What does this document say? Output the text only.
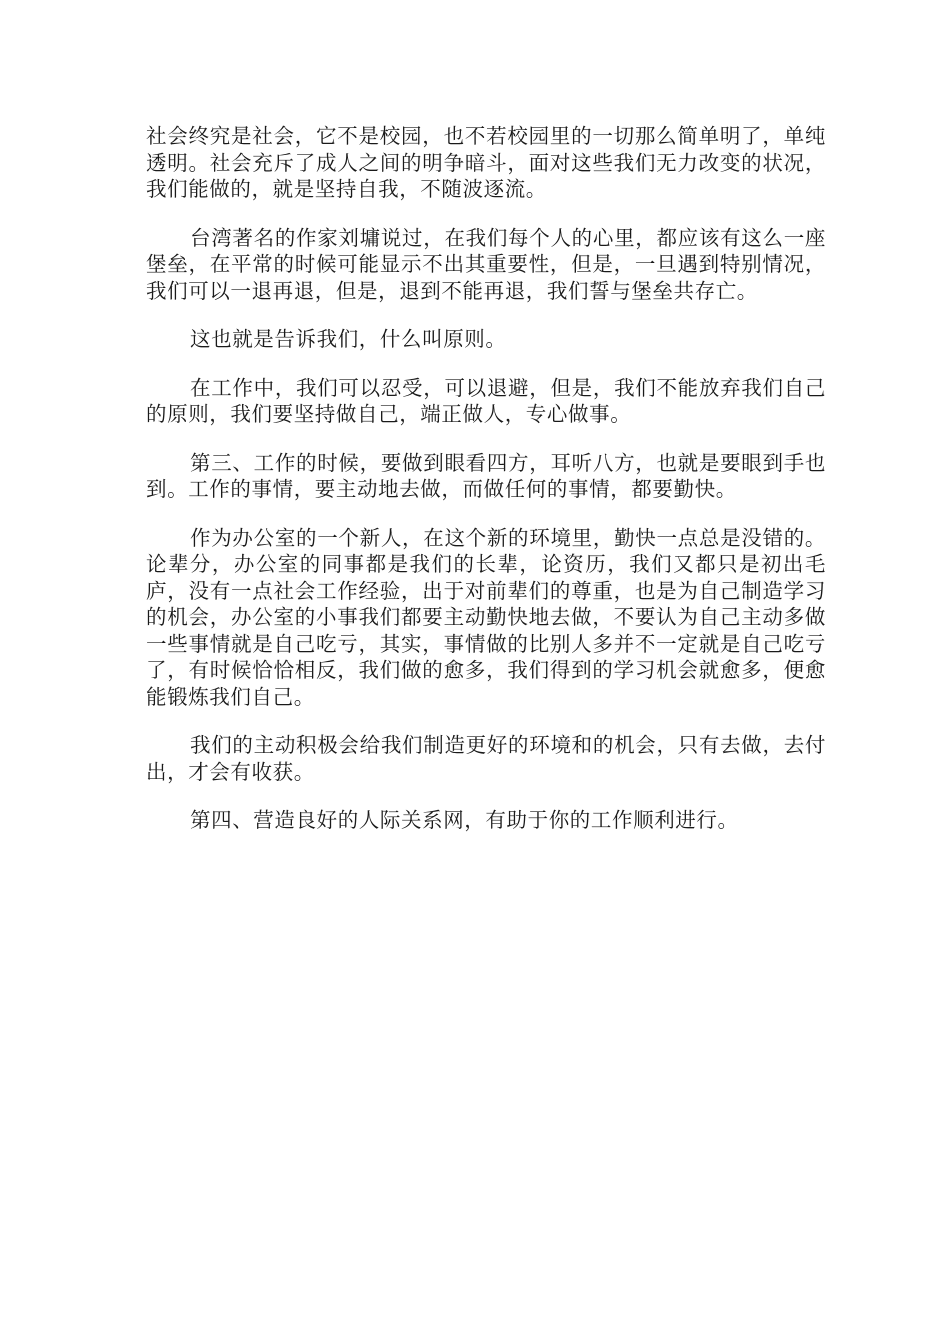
社会终究是社会，它不是校园，也不若校园里的一切那么简单明了，单纯透明。社会充斥了成人之间的明争暗斗，面对这些我们无力改变的状况，我们能做的，就是坚持自我，不随波逐流。

台湾著名的作家刘墉说过，在我们每个人的心里，都应该有这么一座堡垒，在平常的时候可能显示不出其重要性，但是，一旦遇到特别情况，我们可以一退再退，但是，退到不能再退，我们誓与堡垒共存亡。

这也就是告诉我们，什么叫原则。

在工作中，我们可以忍受，可以退避，但是，我们不能放弃我们自己的原则，我们要坚持做自己，端正做人，专心做事。

第三、工作的时候，要做到眼看四方，耳听八方，也就是要眼到手也到。工作的事情，要主动地去做，而做任何的事情，都要勤快。

作为办公室的一个新人，在这个新的环境里，勤快一点总是没错的。论辈分，办公室的同事都是我们的长辈，论资历，我们又都只是初出毛庐，没有一点社会工作经验，出于对前辈们的尊重，也是为自己制造学习的机会，办公室的小事我们都要主动勤快地去做，不要认为自己主动多做一些事情就是自己吃亏，其实，事情做的比别人多并不一定就是自己吃亏了，有时候恰恰相反，我们做的愈多，我们得到的学习机会就愈多，便愈能锻炼我们自己。

我们的主动积极会给我们制造更好的环境和的机会，只有去做，去付出，才会有收获。

第四、营造良好的人际关系网，有助于你的工作顺利进行。
